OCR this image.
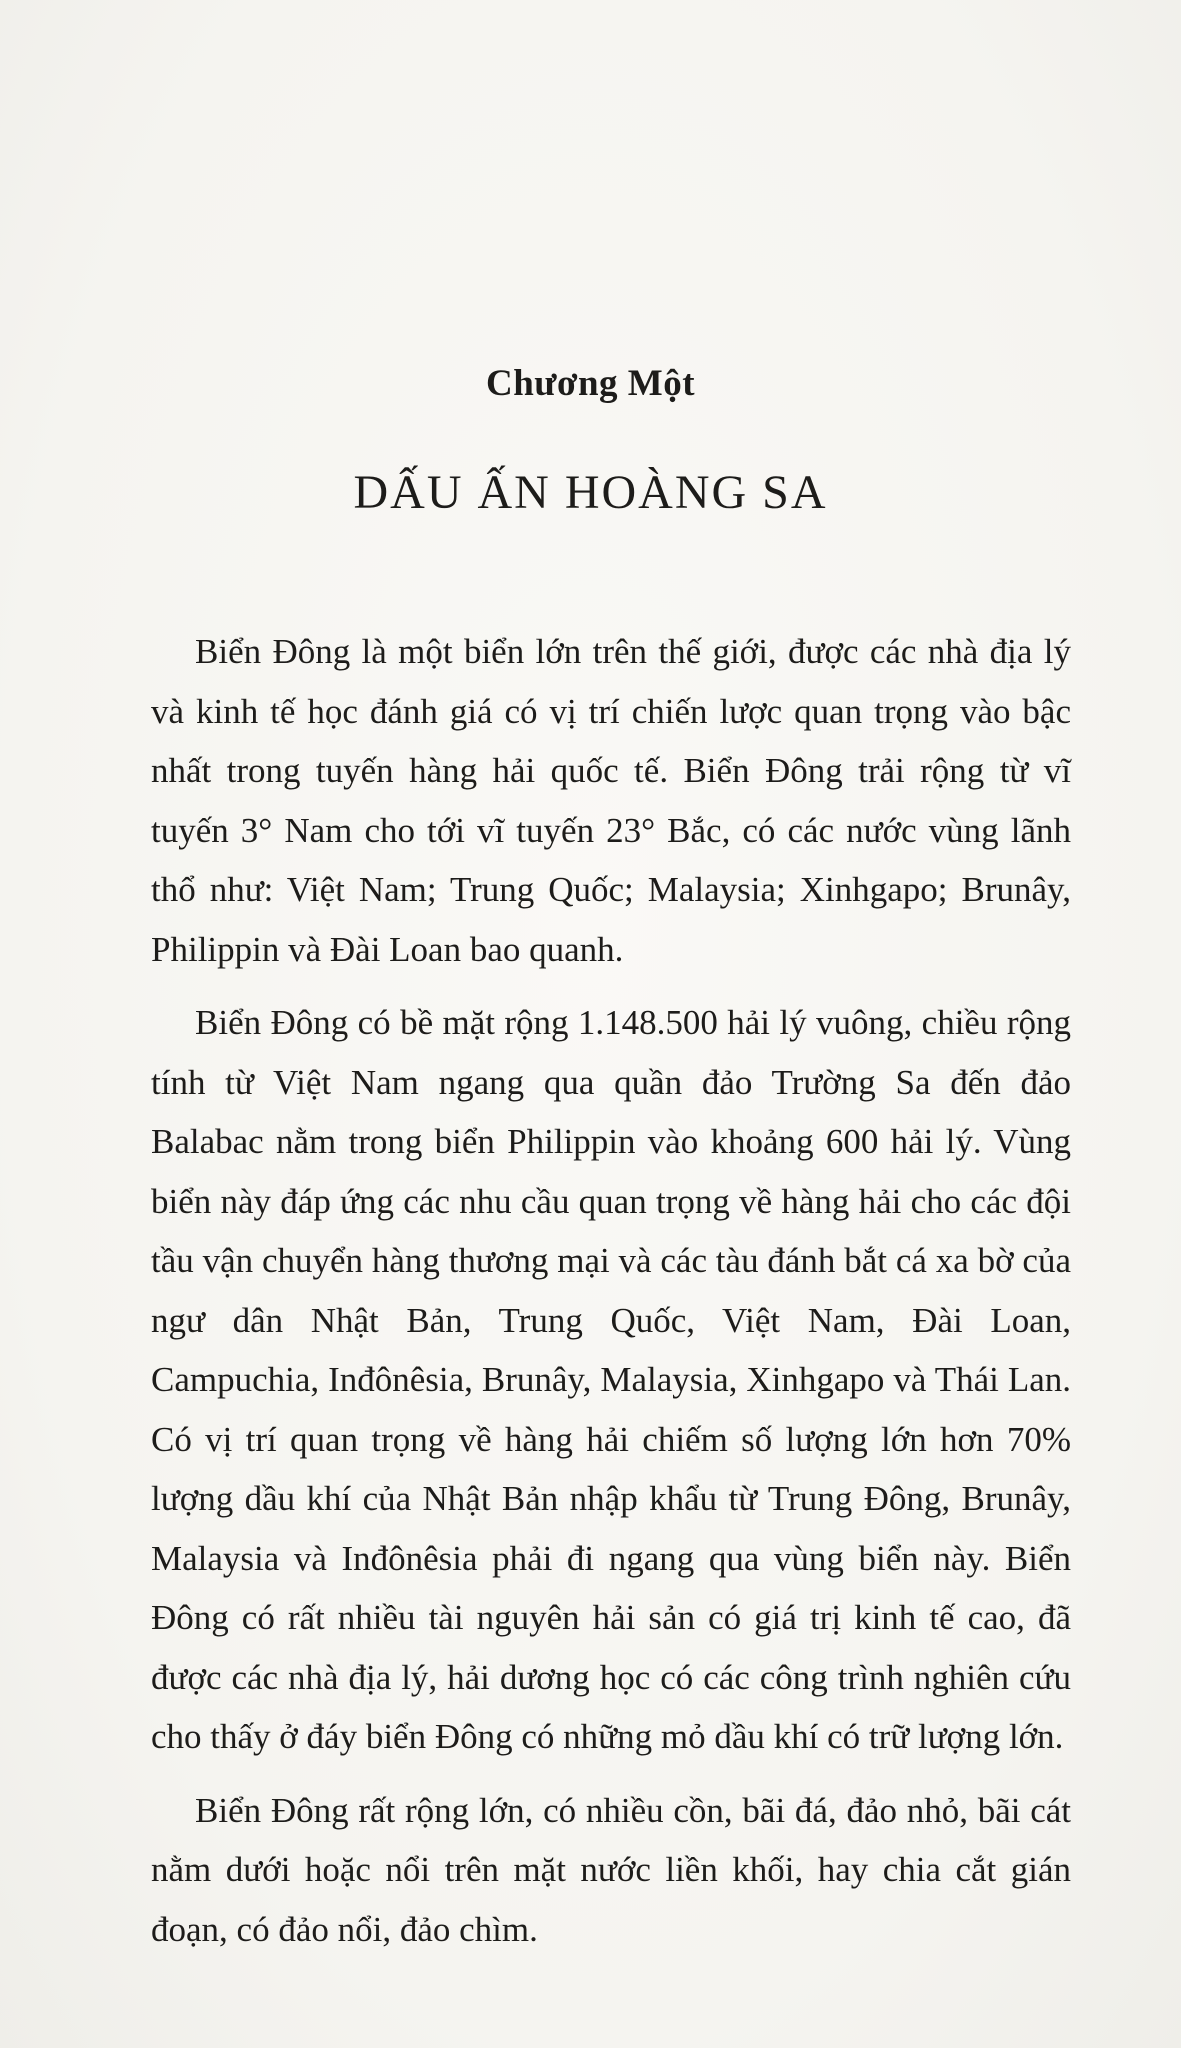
Chương Một
DẤU ẤN HOÀNG SA

Biển Đông là một biển lớn trên thế giới, được các nhà địa lý và kinh tế học đánh giá có vị trí chiến lược quan trọng vào bậc nhất trong tuyến hàng hải quốc tế. Biển Đông trải rộng từ vĩ tuyến 3° Nam cho tới vĩ tuyến 23° Bắc, có các nước vùng lãnh thổ như: Việt Nam; Trung Quốc; Malaysia; Xinhgapo; Brunây, Philippin và Đài Loan bao quanh.

Biển Đông có bề mặt rộng 1.148.500 hải lý vuông, chiều rộng tính từ Việt Nam ngang qua quần đảo Trường Sa đến đảo Balabac nằm trong biển Philippin vào khoảng 600 hải lý. Vùng biển này đáp ứng các nhu cầu quan trọng về hàng hải cho các đội tầu vận chuyển hàng thương mại và các tàu đánh bắt cá xa bờ của ngư dân Nhật Bản, Trung Quốc, Việt Nam, Đài Loan, Campuchia, Inđônêsia, Brunây, Malaysia, Xinhgapo và Thái Lan. Có vị trí quan trọng về hàng hải chiếm số lượng lớn hơn 70% lượng dầu khí của Nhật Bản nhập khẩu từ Trung Đông, Brunây, Malaysia và Inđônêsia phải đi ngang qua vùng biển này. Biển Đông có rất nhiều tài nguyên hải sản có giá trị kinh tế cao, đã được các nhà địa lý, hải dương học có các công trình nghiên cứu cho thấy ở đáy biển Đông có những mỏ dầu khí có trữ lượng lớn.

Biển Đông rất rộng lớn, có nhiều cồn, bãi đá, đảo nhỏ, bãi cát nằm dưới hoặc nổi trên mặt nước liền khối, hay chia cắt gián đoạn, có đảo nổi, đảo chìm.
